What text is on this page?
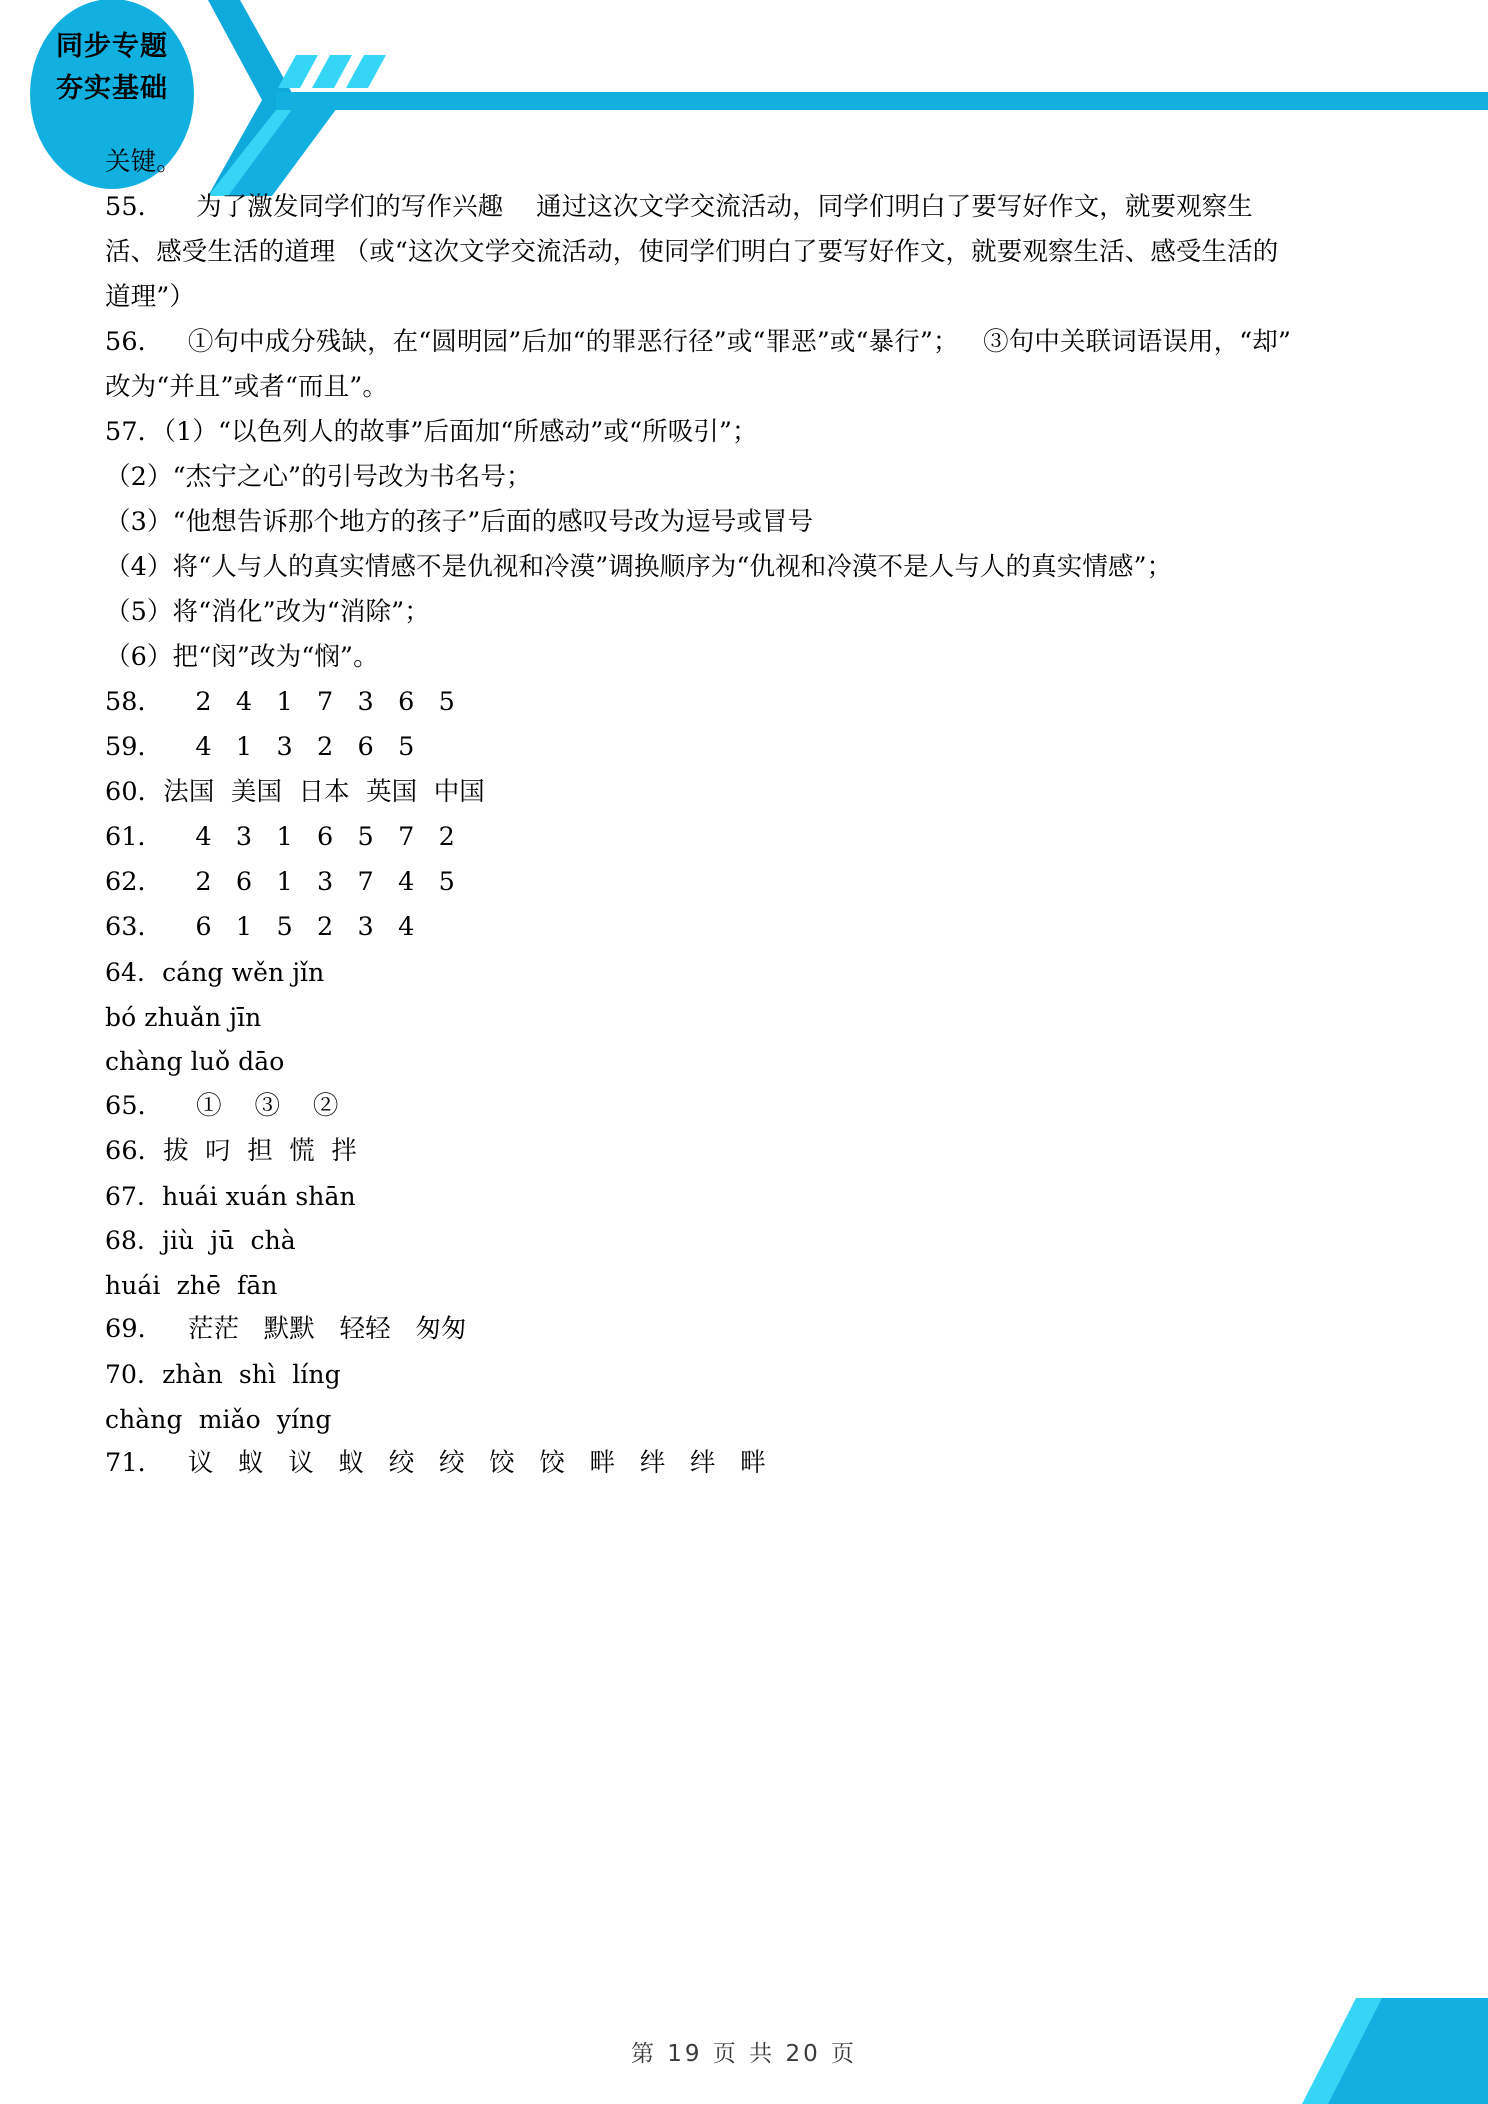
同步专题
夯实基础

关键。

55．    为了激发同学们的写作兴趣    通过这次文学交流活动，同学们明白了要写好作文，就要观察生

活、感受生活的道理 （或“这次文学交流活动，使同学们明白了要写好作文，就要观察生活、感受生活的

道理”）

56．   ①句中成分残缺，在“圆明园”后加“的罪恶行径”或“罪恶”或“暴行”；   ③句中关联词语误用，“却”

改为“并且”或者“而且”。

57．（1）“以色列人的故事”后面加“所感动”或“所吸引”；

（2）“杰宁之心”的引号改为书名号；

（3）“他想告诉那个地方的孩子”后面的感叹号改为逗号或冒号

（4）将“人与人的真实情感不是仇视和冷漠”调换顺序为“仇视和冷漠不是人与人的真实情感”；

（5）将“消化”改为“消除”；

（6）把“闵”改为“悯”。

58．    2   4   1   7   3   6   5

59．    4   1   3   2   6   5

60．法国  美国  日本  英国  中国

61．    4   3   1   6   5   7   2

62．    2   6   1   3   7   4   5

63．    6   1   5   2   3   4

64．cáng wěn jǐn

bó zhuǎn jīn

chàng luǒ dāo

65．    ①    ③    ②

66．拔  叼  担  慌  拌

67．huái xuán shān

68．jiù  jū  chà

huái  zhē  fān

69．   茫茫   默默   轻轻   匆匆

70．zhàn  shì  líng

chàng  miǎo  yíng

71．   议   蚁   议   蚁   绞   绞   饺   饺   畔   绊   绊   畔

第 19 页 共 20 页
